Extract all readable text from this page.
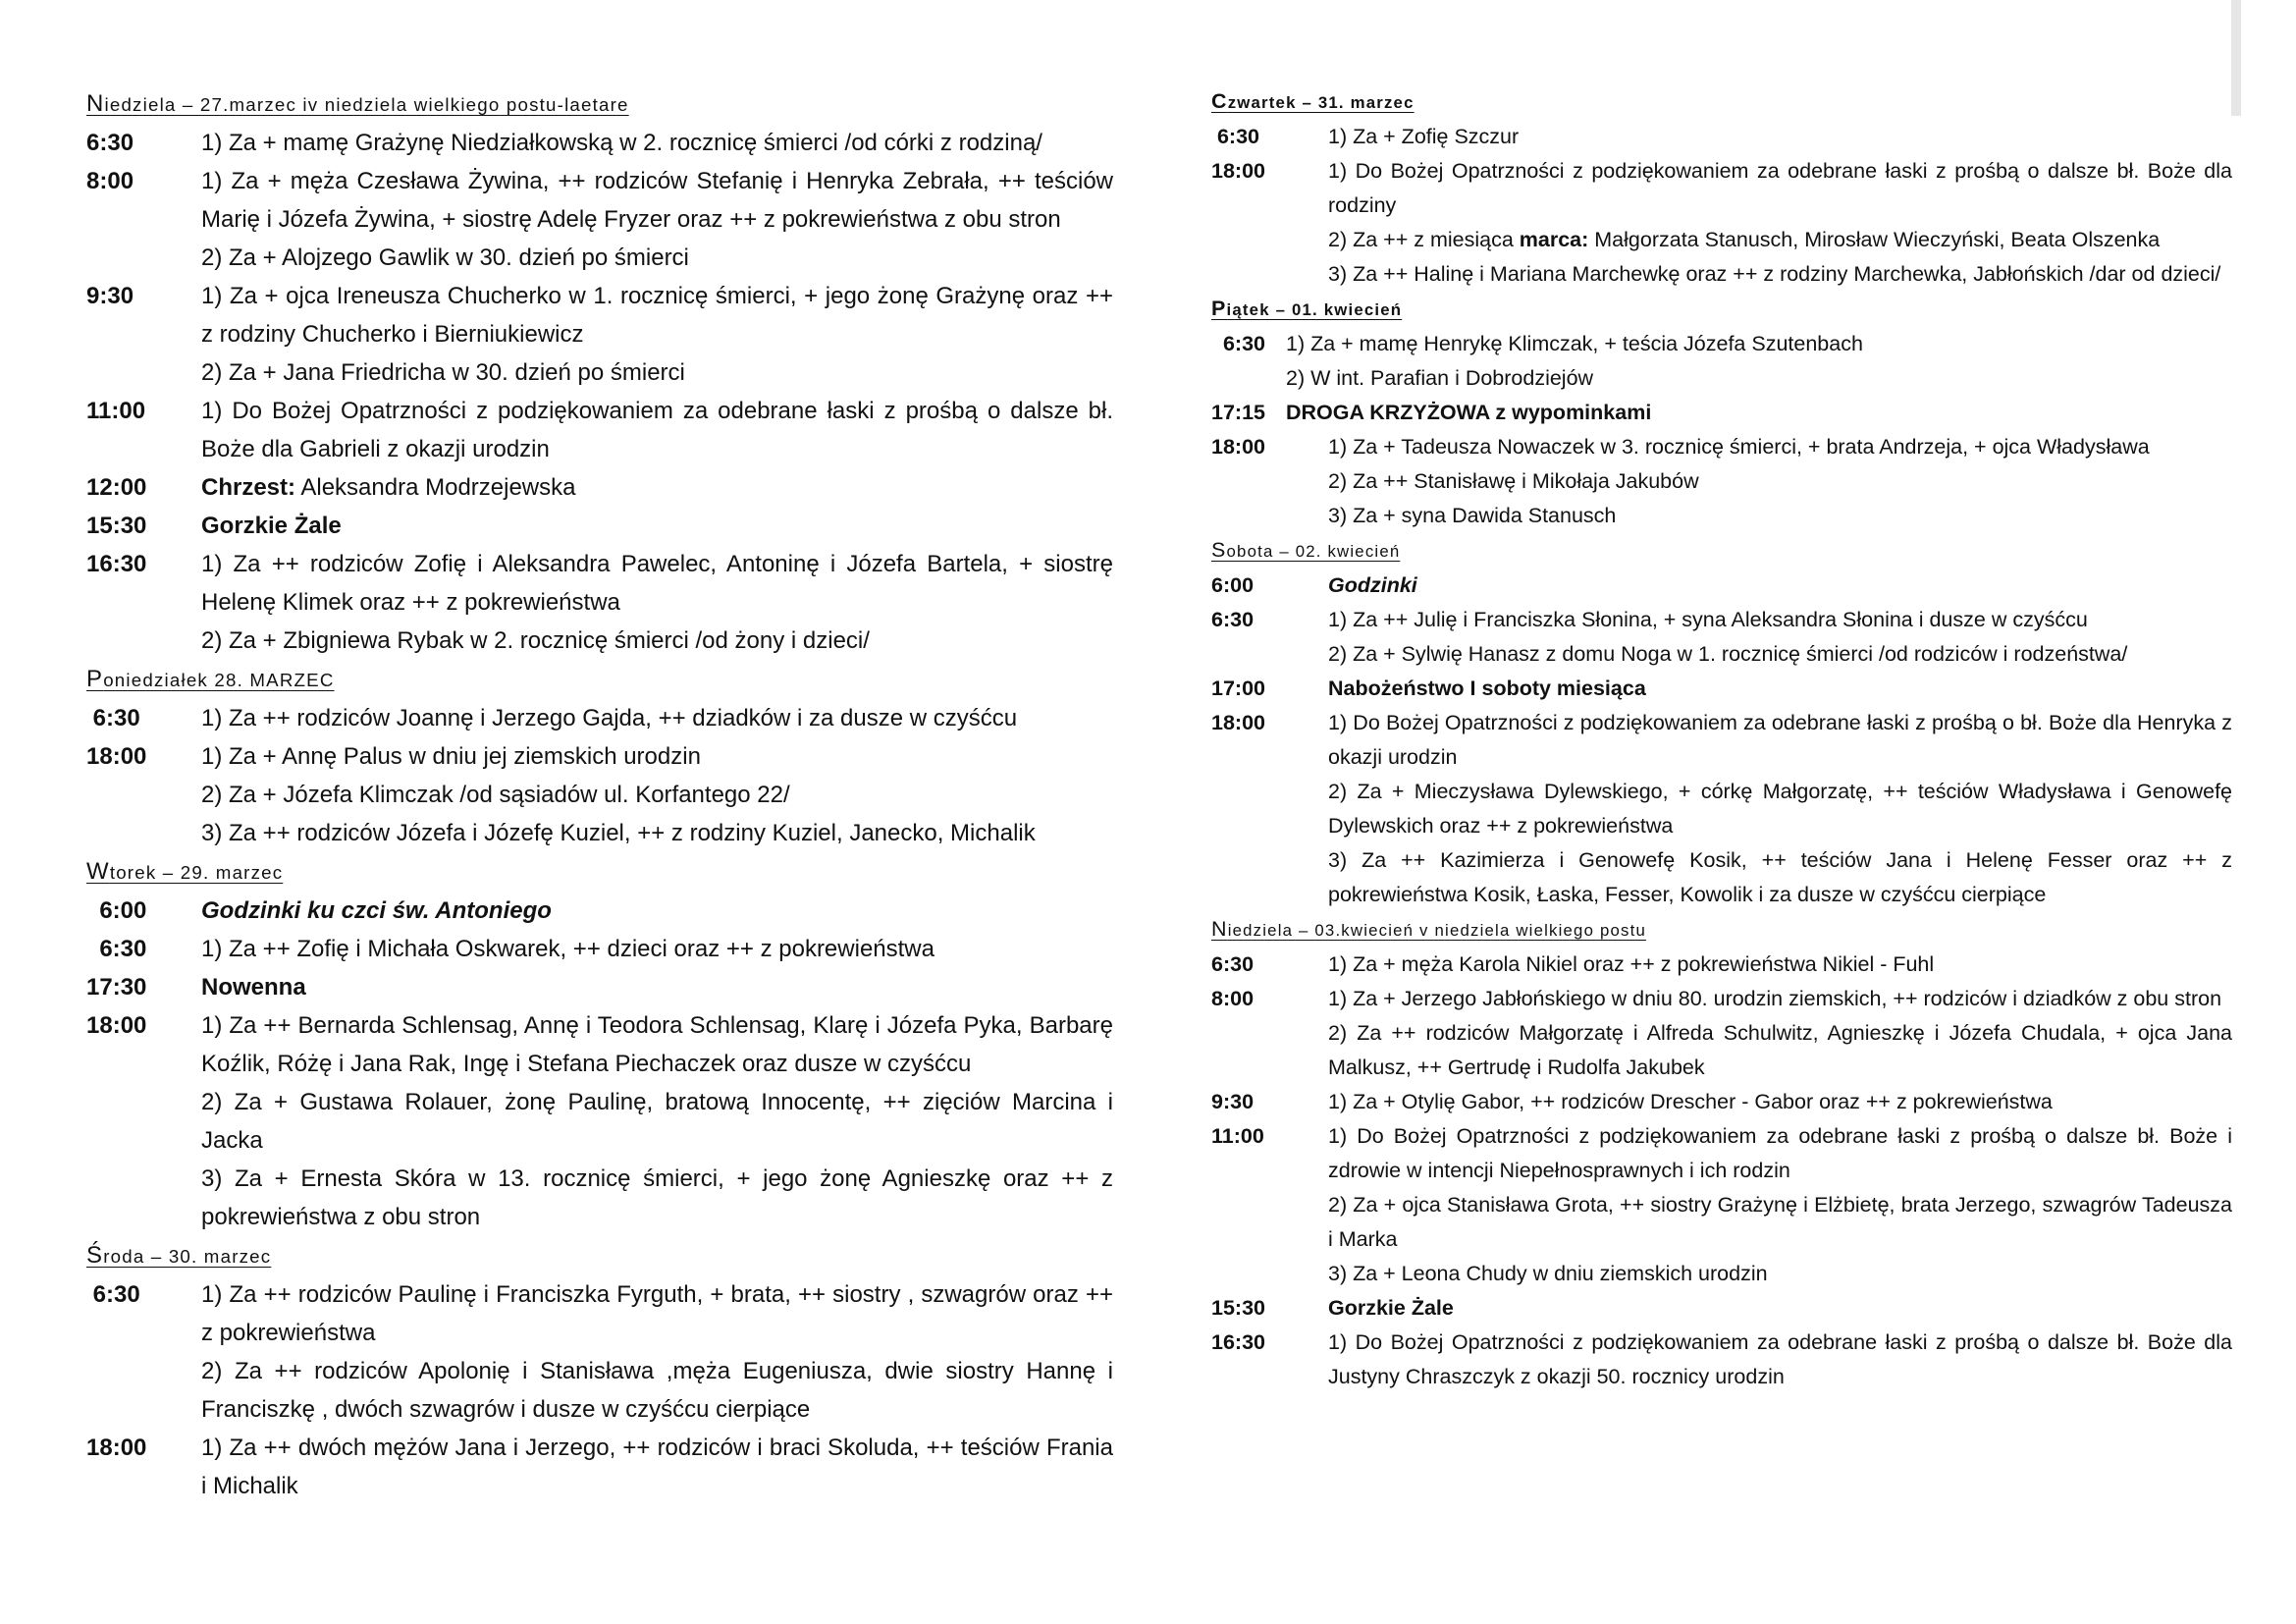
Niedziela – 27.marzec iv niedziela wielkiego postu-laetare
6:30	1) Za + mamę Grażynę Niedziałkowską w 2. rocznicę śmierci /od córki z rodziną/
8:00	1) Za + męża Czesława Żywina, ++ rodziców Stefanię i Henryka Zebrała, ++ teściów Marię i Józefa Żywina, + siostrę Adelę Fryzer oraz ++ z pokrewieństwa z obu stron
2) Za + Alojzego Gawlik w 30. dzień po śmierci
9:30	1) Za + ojca Ireneusza Chucherko w 1. rocznicę śmierci, + jego żonę Grażynę oraz ++ z rodziny Chucherko i Bierniukiewicz
2) Za + Jana Friedricha w 30. dzień po śmierci
11:00	1) Do Bożej Opatrzności z podziękowaniem za odebrane łaski z prośbą o dalsze bł. Boże dla Gabrieli z okazji urodzin
12:00	Chrzest: Aleksandra Modrzejewska
15:30	Gorzkie Żale
16:30	1) Za ++ rodziców Zofię i Aleksandra Pawelec, Antoninę i Józefa Bartela, + siostrę Helenę Klimek oraz ++ z pokrewieństwa
2) Za + Zbigniewa Rybak w 2. rocznicę śmierci /od żony i dzieci/
Poniedziałek 28. MARZEC
6:30	1) Za ++ rodziców Joannę i Jerzego Gajda, ++ dziadków i za dusze w czyśćcu
18:00	1) Za + Annę Palus w dniu jej ziemskich urodzin
2) Za + Józefa Klimczak /od sąsiadów ul. Korfantego 22/
3) Za ++ rodziców Józefa i Józefę Kuziel, ++ z rodziny Kuziel, Janecko, Michalik
Wtorek – 29. marzec
6:00	Godzinki ku czci św. Antoniego
6:30	1) Za ++ Zofię i Michała Oskwarek, ++ dzieci oraz ++ z pokrewieństwa
17:30	Nowenna
18:00	1) Za ++ Bernarda Schlensag, Annę i Teodora Schlensag, Klarę i Józefa Pyka, Barbarę Koźlik, Różę i Jana Rak, Ingę i Stefana Piechaczek oraz dusze w czyśćcu
2) Za + Gustawa Rolauer, żonę Paulinę, bratową Innocentę, ++ zięciów Marcina i Jacka
3) Za + Ernesta Skóra w 13. rocznicę śmierci, + jego żonę Agnieszkę oraz ++ z pokrewieństwa z obu stron
Środa – 30. marzec
6:30	1) Za ++ rodziców Paulinę i Franciszka Fyrguth, + brata, ++ siostry , szwagrów oraz ++ z pokrewieństwa
2) Za ++ rodziców Apolonię i Stanisława ,męża Eugeniusza, dwie siostry Hannę i Franciszkę , dwóch szwagrów i dusze w czyśćcu cierpiące
18:00	1) Za ++ dwóch mężów Jana i Jerzego, ++ rodziców i braci Skoluda, ++ teściów Frania i Michalik
Czwartek – 31. marzec
6:30	1) Za + Zofię Szczur
18:00	1) Do Bożej Opatrzności z podziękowaniem za odebrane łaski z prośbą o dalsze bł. Boże dla rodziny
2) Za ++ z miesiąca marca: Małgorzata Stanusch, Mirosław Wieczyński, Beata Olszenka
3) Za ++ Halinę i Mariana Marchewkę oraz ++ z rodziny Marchewka, Jabłońskich /dar od dzieci/
Piątek – 01. kwiecień
6:30 1) Za + mamę Henrykę Klimczak, + teścia Józefa Szutenbach
2) W int. Parafian i Dobrodziejów
17:15 DROGA KRZYŻOWA z wypominkami
18:00	1) Za + Tadeusza Nowaczek w 3. rocznicę śmierci, + brata Andrzeja, + ojca Władysława
2) Za ++ Stanisławę i Mikołaja Jakubów
3) Za + syna Dawida Stanusch
Sobota – 02. kwiecień
6:00	Godzinki
6:30	1) Za ++ Julię i Franciszka Słonina, + syna Aleksandra Słonina i dusze w czyśćcu
2) Za + Sylwię Hanasz z domu Noga w 1. rocznicę śmierci /od rodziców i rodzeństwa/
17:00	Nabożeństwo I soboty miesiąca
18:00	1) Do Bożej Opatrzności z podziękowaniem za odebrane łaski z prośbą o bł. Boże dla Henryka z okazji urodzin
2) Za + Mieczysława Dylewskiego, + córkę Małgorzatę, ++ teściów Władysława i Genowefę Dylewskich oraz ++ z pokrewieństwa
3) Za ++ Kazimierza i Genowefę Kosik, ++ teściów Jana i Helenę Fesser oraz ++ z pokrewieństwa Kosik, Łaska, Fesser, Kowolik i za dusze w czyśćcu cierpiące
Niedziela – 03.kwiecień v niedziela wielkiego postu
6:30	1) Za + męża Karola Nikiel oraz ++ z pokrewieństwa Nikiel - Fuhl
8:00	1) Za + Jerzego Jabłońskiego w dniu 80. urodzin ziemskich, ++ rodziców i dziadków z obu stron
2) Za ++ rodziców Małgorzatę i Alfreda Schulwitz, Agnieszkę i Józefa Chudala, + ojca Jana Malkusz, ++ Gertrudę i Rudolfa Jakubek
9:30	1) Za + Otylię Gabor, ++ rodziców Drescher - Gabor oraz ++ z pokrewieństwa
11:00	1) Do Bożej Opatrzności z podziękowaniem za odebrane łaski z prośbą o dalsze bł. Boże i zdrowie w intencji Niepełnosprawnych i ich rodzin
2) Za + ojca Stanisława Grota, ++ siostry Grażynę i Elżbietę, brata Jerzego, szwagrów Tadeusza i Marka
3) Za + Leona Chudy w dniu ziemskich urodzin
15:30	Gorzkie Żale
16:30	1) Do Bożej Opatrzności z podziękowaniem za odebrane łaski z prośbą o dalsze bł. Boże dla Justyny Chraszczyk z okazji 50. rocznicy urodzin
